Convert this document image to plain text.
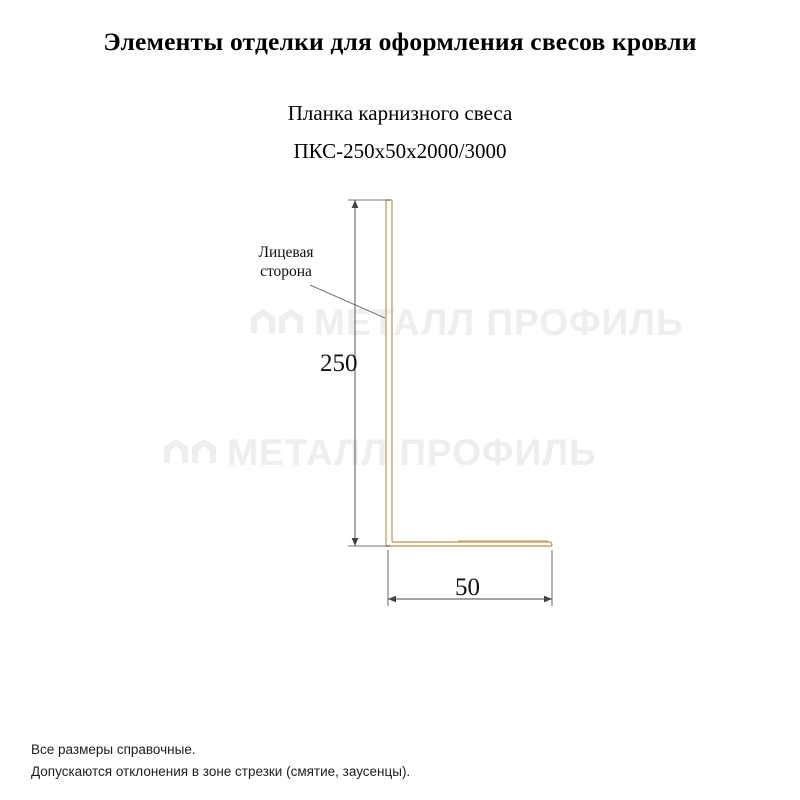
МЕТАЛЛ ПРОФИЛЬ
МЕТАЛЛ ПРОФИЛЬ
Элементы отделки для оформления свесов кровли
Планка карнизного свеса
ПКС-250x50x2000/3000
Лицевая
сторона
250
50
Все размеры справочные.
Допускаются отклонения в зоне стрезки (смятие, заусенцы).
